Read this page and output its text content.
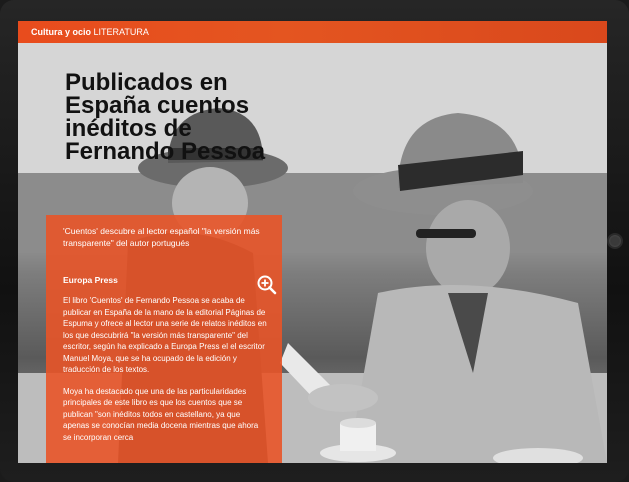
Cultura y ocio LITERATURA
Publicados en España cuentos inéditos de Fernando Pessoa

'Cuentos' descubre al lector español "la versión más transparente" del autor portugués

Europa Press

El libro 'Cuentos' de Fernando Pessoa se acaba de publicar en España de la mano de la editorial Páginas de Espuma y ofrece al lector una serie de relatos inéditos en los que descubrirá "la versión más transparente" del escritor, según ha explicado a Europa Press el el escritor Manuel Moya, que se ha ocupado de la edición y traducción de los textos.

Moya ha destacado que una de las particularidades principales de este libro es que los cuentos que se publican "son inéditos todos en castellano, ya que apenas se conocían media docena mientras que ahora se incorporan cerca
